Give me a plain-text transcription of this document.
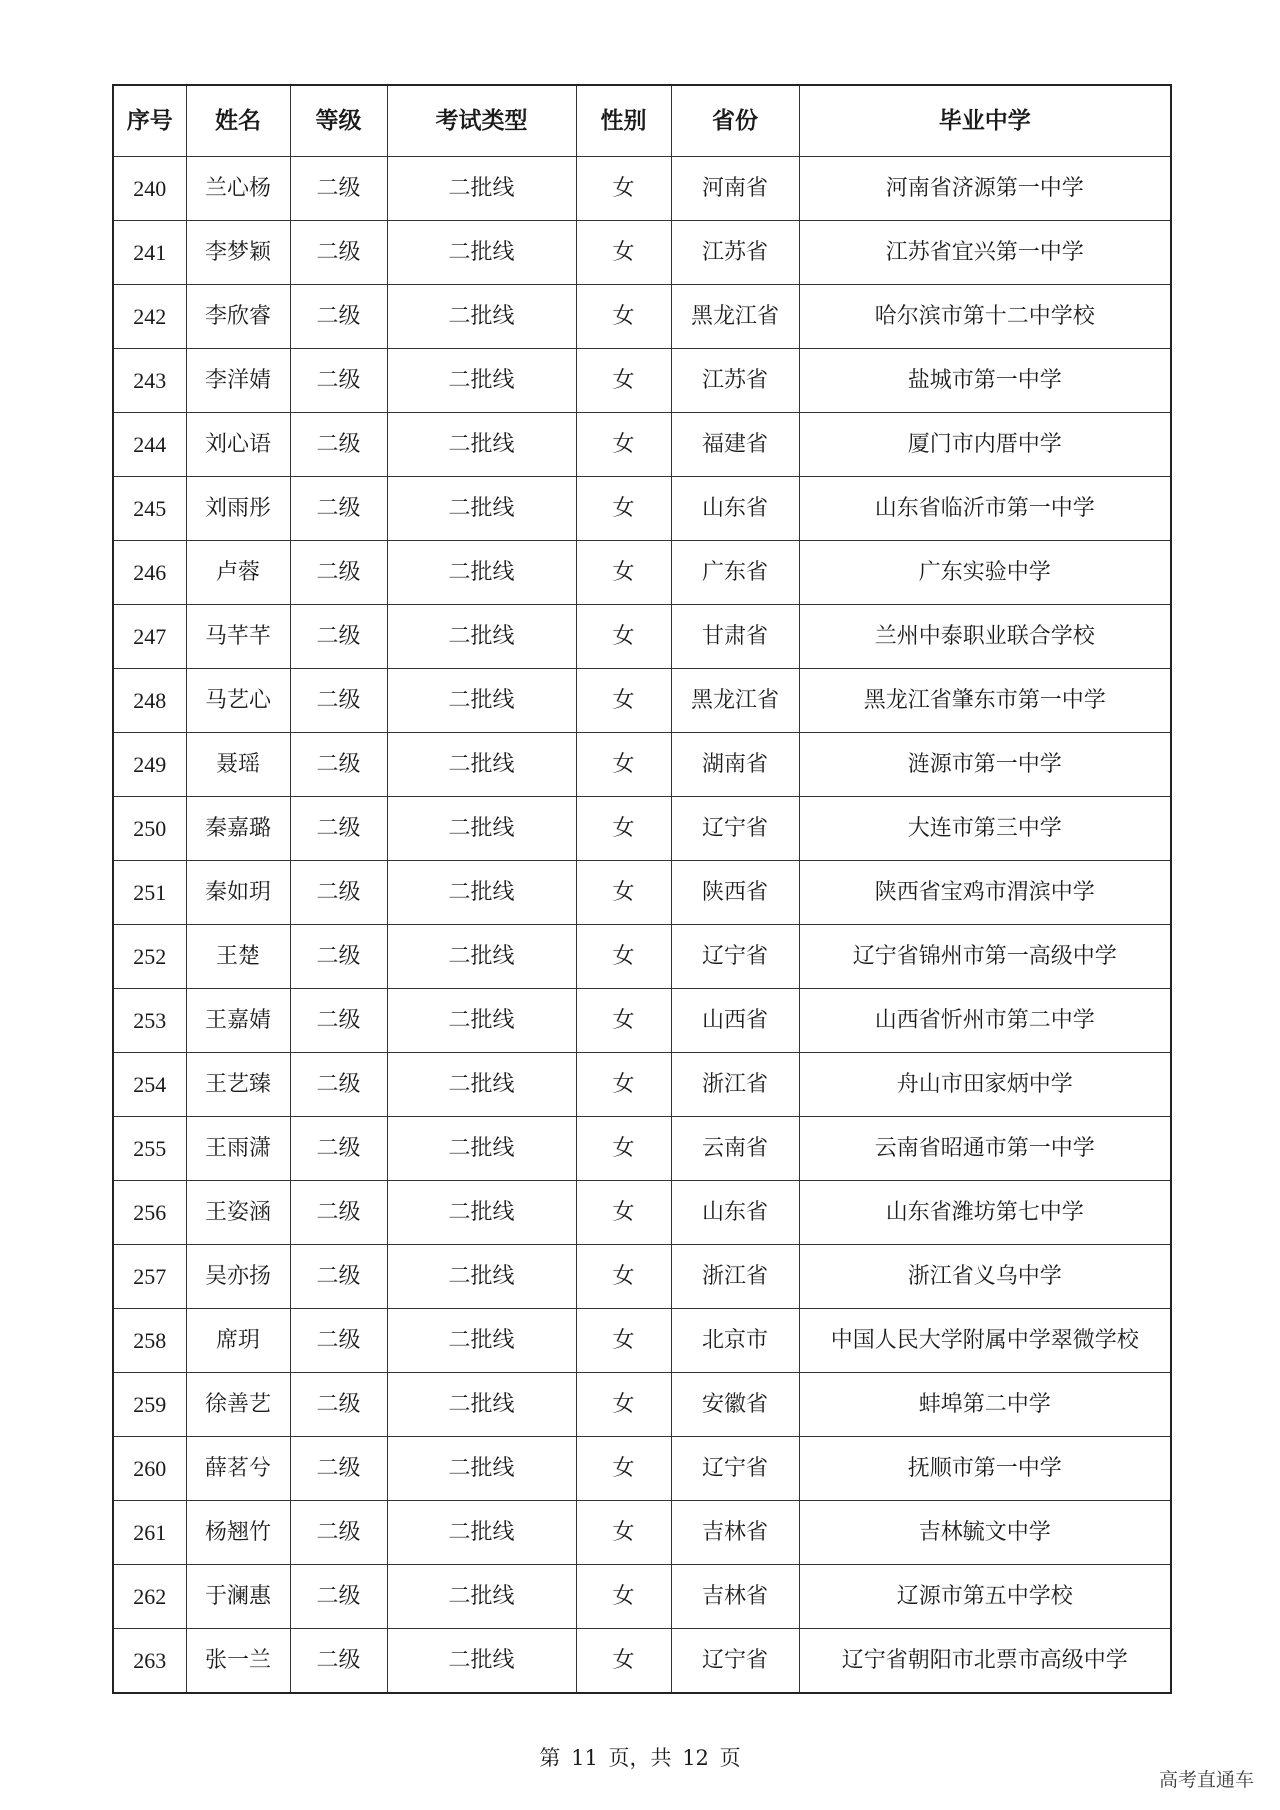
序号	姓名	等级	考试类型	性别	省份	毕业中学
240	兰心杨	二级	二批线	女	河南省	河南省济源第一中学
241	李梦颖	二级	二批线	女	江苏省	江苏省宜兴第一中学
242	李欣睿	二级	二批线	女	黑龙江省	哈尔滨市第十二中学校
243	李洋婧	二级	二批线	女	江苏省	盐城市第一中学
244	刘心语	二级	二批线	女	福建省	厦门市内厝中学
245	刘雨彤	二级	二批线	女	山东省	山东省临沂市第一中学
246	卢蓉	二级	二批线	女	广东省	广东实验中学
247	马芊芊	二级	二批线	女	甘肃省	兰州中泰职业联合学校
248	马艺心	二级	二批线	女	黑龙江省	黑龙江省肇东市第一中学
249	聂瑶	二级	二批线	女	湖南省	涟源市第一中学
250	秦嘉璐	二级	二批线	女	辽宁省	大连市第三中学
251	秦如玥	二级	二批线	女	陕西省	陕西省宝鸡市渭滨中学
252	王楚	二级	二批线	女	辽宁省	辽宁省锦州市第一高级中学
253	王嘉婧	二级	二批线	女	山西省	山西省忻州市第二中学
254	王艺臻	二级	二批线	女	浙江省	舟山市田家炳中学
255	王雨潇	二级	二批线	女	云南省	云南省昭通市第一中学
256	王姿涵	二级	二批线	女	山东省	山东省潍坊第七中学
257	吴亦扬	二级	二批线	女	浙江省	浙江省义乌中学
258	席玥	二级	二批线	女	北京市	中国人民大学附属中学翠微学校
259	徐善艺	二级	二批线	女	安徽省	蚌埠第二中学
260	薛茗兮	二级	二批线	女	辽宁省	抚顺市第一中学
261	杨翘竹	二级	二批线	女	吉林省	吉林毓文中学
262	于澜惠	二级	二批线	女	吉林省	辽源市第五中学校
263	张一兰	二级	二批线	女	辽宁省	辽宁省朝阳市北票市高级中学
第 11 页，共 12 页
高考直通车
